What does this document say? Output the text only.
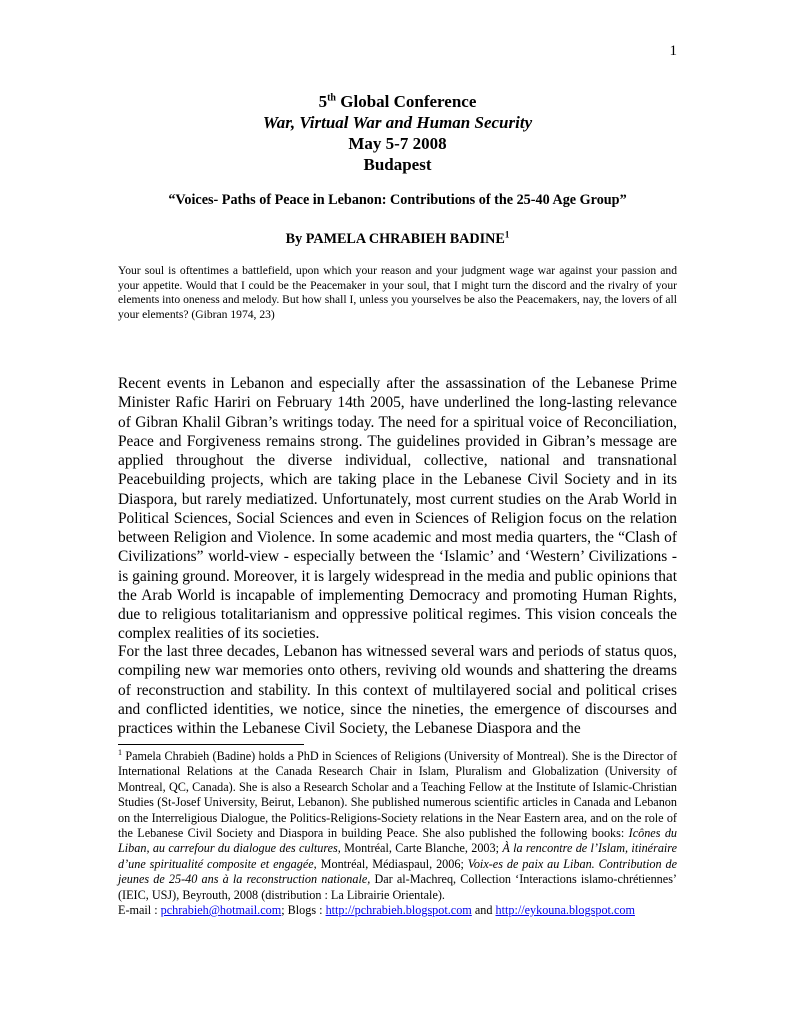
1
5th Global Conference
War, Virtual War and Human Security
May 5-7 2008
Budapest
“Voices- Paths of Peace in Lebanon: Contributions of the 25-40 Age Group”
By PAMELA CHRABIEH BADINE$^1$

Your soul is oftentimes a battlefield, upon which your reason and your judgment wage war against your passion and your appetite. Would that I could be the Peacemaker in your soul, that I might turn the discord and the rivalry of your elements into oneness and melody. But how shall I, unless you yourselves be also the Peacemakers, nay, the lovers of all your elements? (Gibran 1974, 23)

Recent events in Lebanon and especially after the assassination of the Lebanese Prime Minister Rafic Hariri on February 14th 2005, have underlined the long-lasting relevance of Gibran Khalil Gibran’s writings today. The need for a spiritual voice of Reconciliation, Peace and Forgiveness remains strong. The guidelines provided in Gibran’s message are applied throughout the diverse individual, collective, national and transnational Peacebuilding projects, which are taking place in the Lebanese Civil Society and in its Diaspora, but rarely mediatized. Unfortunately, most current studies on the Arab World in Political Sciences, Social Sciences and even in Sciences of Religion focus on the relation between Religion and Violence. In some academic and most media quarters, the “Clash of Civilizations” world-view - especially between the ‘Islamic’ and ‘Western’ Civilizations - is gaining ground. Moreover, it is largely widespread in the media and public opinions that the Arab World is incapable of implementing Democracy and promoting Human Rights, due to religious totalitarianism and oppressive political regimes. This vision conceals the complex realities of its societies.

For the last three decades, Lebanon has witnessed several wars and periods of status quos, compiling new war memories onto others, reviving old wounds and shattering the dreams of reconstruction and stability. In this context of multilayered social and political crises and conflicted identities, we notice, since the nineties, the emergence of discourses and practices within the Lebanese Civil Society, the Lebanese Diaspora and the

$^1$ Pamela Chrabieh (Badine) holds a PhD in Sciences of Religions (University of Montreal). She is the Director of International Relations at the Canada Research Chair in Islam, Pluralism and Globalization (University of Montreal, QC, Canada). She is also a Research Scholar and a Teaching Fellow at the Institute of Islamic-Christian Studies (St-Josef University, Beirut, Lebanon). She published numerous scientific articles in Canada and Lebanon on the Interreligious Dialogue, the Politics-Religions-Society relations in the Near Eastern area, and on the role of the Lebanese Civil Society and Diaspora in building Peace. She also published the following books: Icônes du Liban, au carrefour du dialogue des cultures, Montréal, Carte Blanche, 2003; À la rencontre de l’Islam, itinéraire d’une spiritualité composite et engagée, Montréal, Médiaspaul, 2006; Voix-es de paix au Liban. Contribution de jeunes de 25-40 ans à la reconstruction nationale, Dar al-Machreq, Collection ‘Interactions islamo-chrétiennes’ (IEIC, USJ), Beyrouth, 2008 (distribution : La Librairie Orientale).
E-mail : pchrabieh@hotmail.com; Blogs : http://pchrabieh.blogspot.com and http://eykouna.blogspot.com
